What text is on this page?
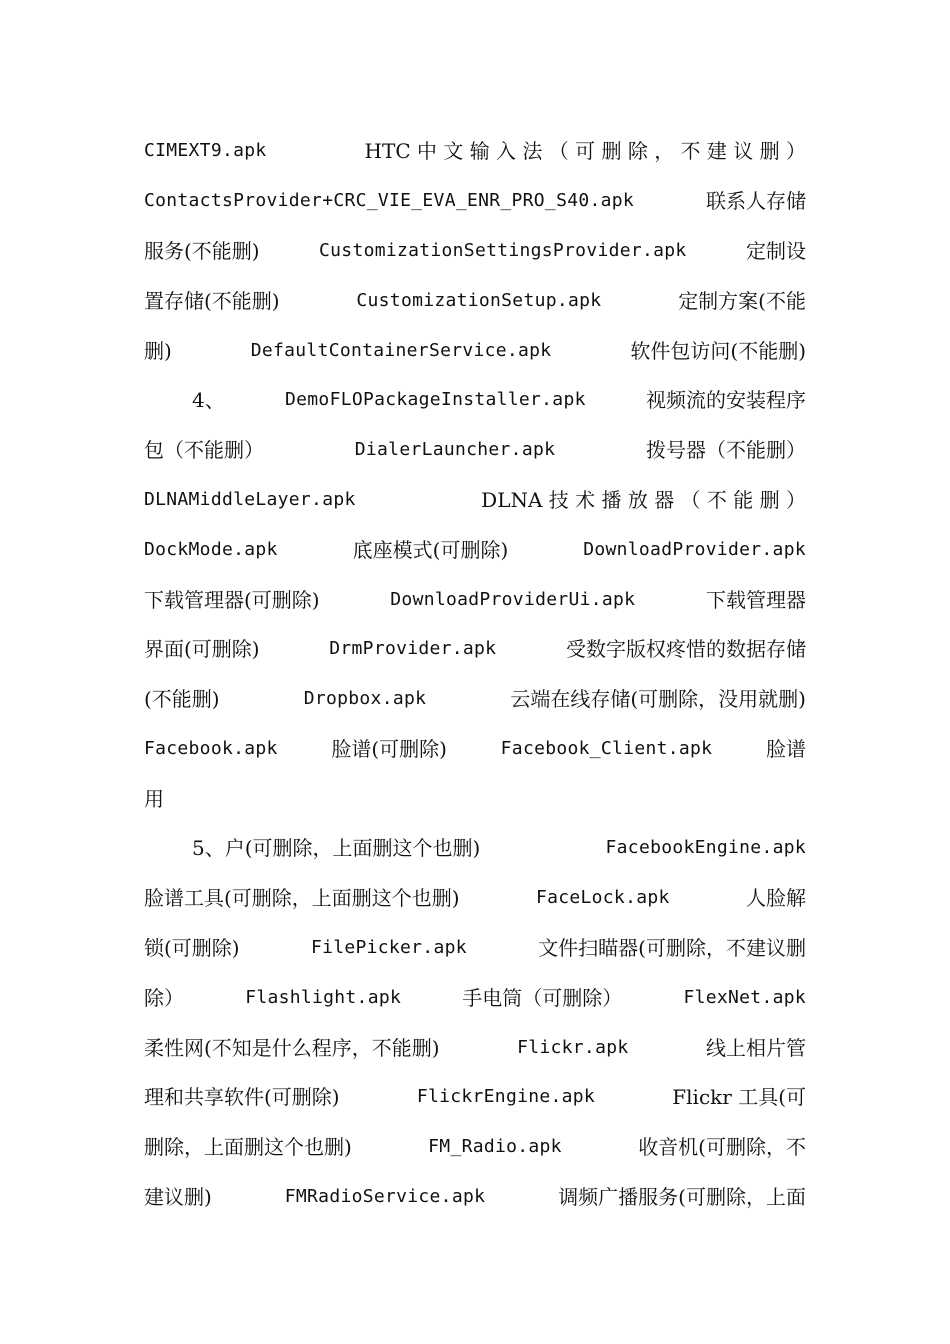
CIMEXT9.apk	HTC 中 文 输 入 法 （ 可 删 除 ， 不 建 议 删 ）
ContactsProvider+CRC_VIE_EVA_ENR_PRO_S40.apk	联系人存储
服务(不能删)	CustomizationSettingsProvider.apk	定制设
置存储(不能删)	CustomizationSetup.apk	定制方案(不能
删)	DefaultContainerService.apk	软件包访问(不能删)
4、	DemoFLOPackageInstaller.apk	视频流的安装程序
包（不能删）	DialerLauncher.apk	拨号器（不能删）
DLNAMiddleLayer.apk	DLNA 技 术 播 放 器 （ 不 能 删 ）
DockMode.apk	底座模式(可删除)	DownloadProvider.apk
下载管理器(可删除)	DownloadProviderUi.apk	下载管理器
界面(可删除)	DrmProvider.apk	受数字版权疼惜的数据存储
(不能删)	Dropbox.apk	云端在线存储(可删除，没用就删)
Facebook.apk	脸谱(可删除)	Facebook_Client.apk	脸谱
用
5、户(可删除，上面删这个也删)	FacebookEngine.apk
脸谱工具(可删除，上面删这个也删)	FaceLock.apk	人脸解
锁(可删除)	FilePicker.apk	文件扫瞄器(可删除，不建议删
除）	Flashlight.apk	手电筒（可删除）	FlexNet.apk
柔性网(不知是什么程序，不能删)	Flickr.apk	线上相片管
理和共享软件(可删除)	FlickrEngine.apk	Flickr 工具(可
删除，上面删这个也删)	FM_Radio.apk	收音机(可删除，不
建议删)	FMRadioService.apk	调频广播服务(可删除，上面
